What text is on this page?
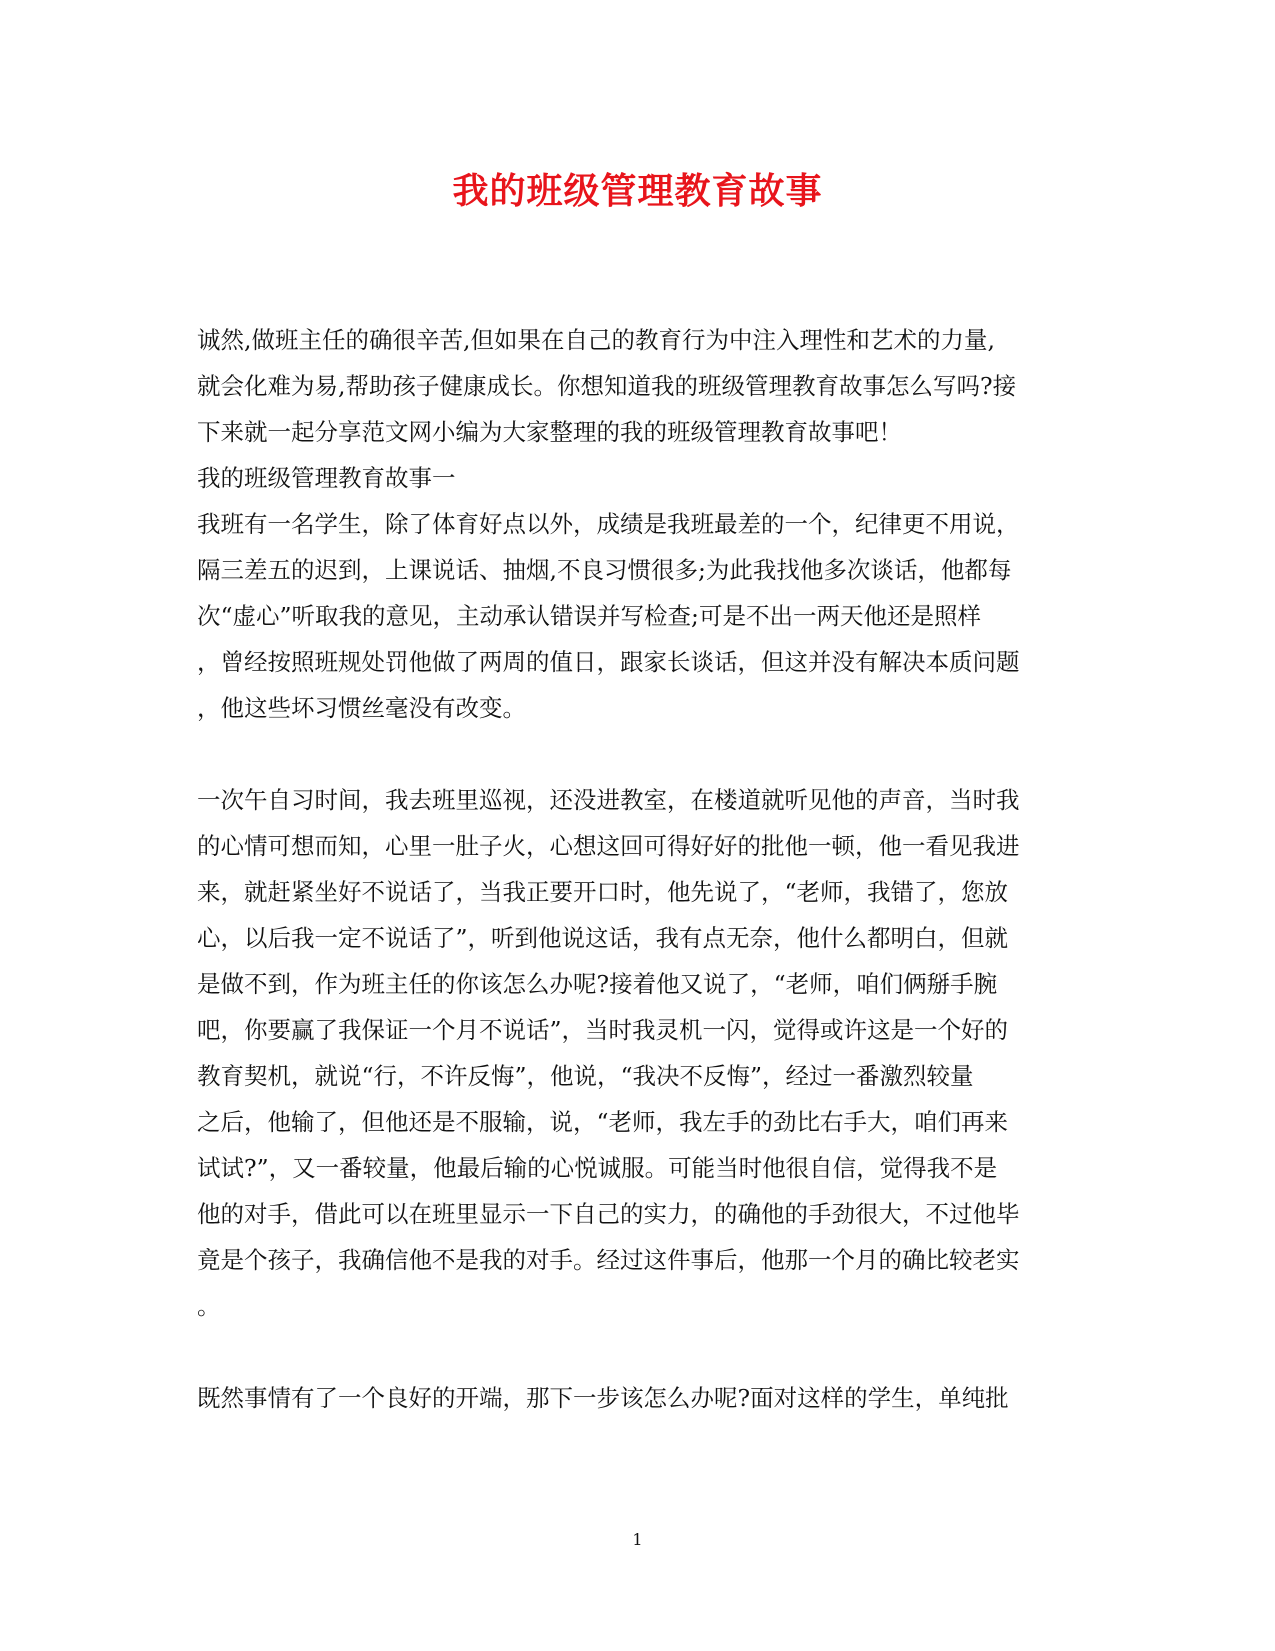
我的班级管理教育故事
诚然,做班主任的确很辛苦,但如果在自己的教育行为中注入理性和艺术的力量,
就会化难为易,帮助孩子健康成长。你想知道我的班级管理教育故事怎么写吗?接
下来就一起分享范文网小编为大家整理的我的班级管理教育故事吧！
我的班级管理教育故事一
我班有一名学生，除了体育好点以外，成绩是我班最差的一个，纪律更不用说，
隔三差五的迟到，上课说话、抽烟,不良习惯很多;为此我找他多次谈话，他都每
次“虚心”听取我的意见，主动承认错误并写检查;可是不出一两天他还是照样
，曾经按照班规处罚他做了两周的值日，跟家长谈话，但这并没有解决本质问题
，他这些坏习惯丝毫没有改变。
一次午自习时间，我去班里巡视，还没进教室，在楼道就听见他的声音，当时我
的心情可想而知，心里一肚子火，心想这回可得好好的批他一顿，他一看见我进
来，就赶紧坐好不说话了，当我正要开口时，他先说了，“老师，我错了，您放
心，以后我一定不说话了”，听到他说这话，我有点无奈，他什么都明白，但就
是做不到，作为班主任的你该怎么办呢?接着他又说了，“老师，咱们俩掰手腕
吧，你要赢了我保证一个月不说话”，当时我灵机一闪，觉得或许这是一个好的
教育契机，就说“行，不许反悔”，他说，“我决不反悔”，经过一番激烈较量
之后，他输了，但他还是不服输，说，“老师，我左手的劲比右手大，咱们再来
试试?”，又一番较量，他最后输的心悦诚服。可能当时他很自信，觉得我不是
他的对手，借此可以在班里显示一下自己的实力，的确他的手劲很大，不过他毕
竟是个孩子，我确信他不是我的对手。经过这件事后，他那一个月的确比较老实
。
既然事情有了一个良好的开端，那下一步该怎么办呢?面对这样的学生，单纯批
1
